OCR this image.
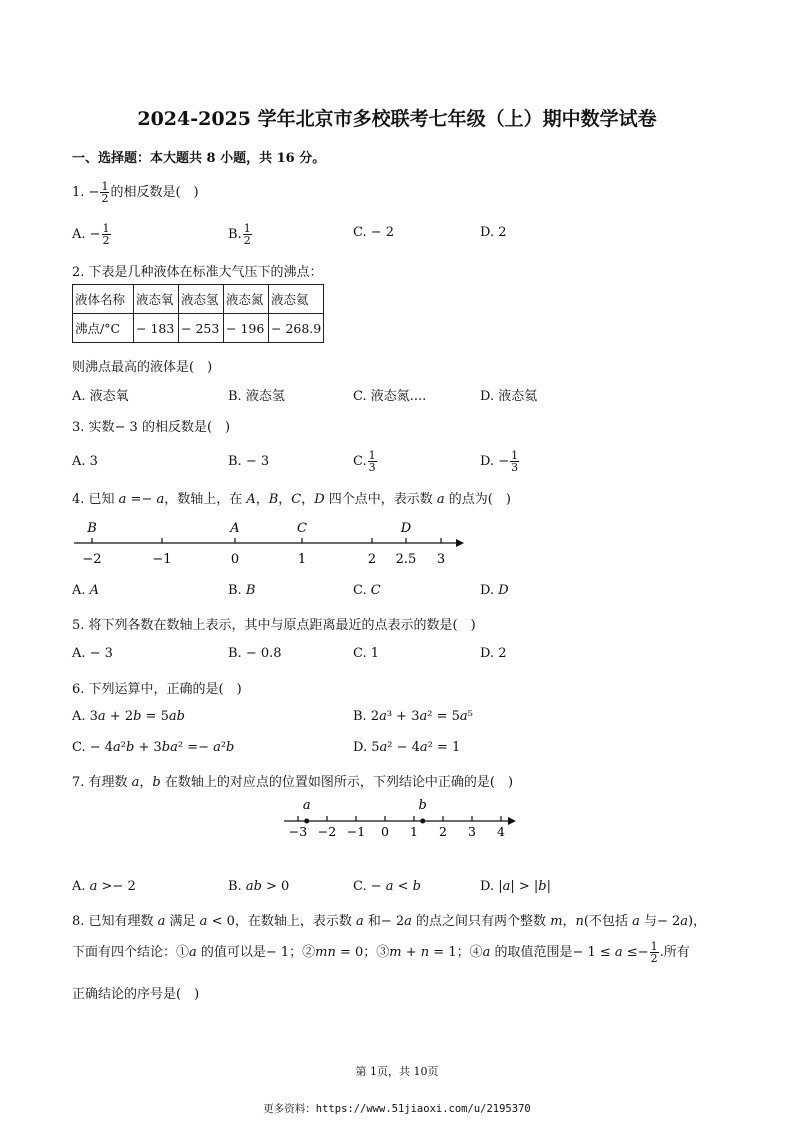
2024-2025 学年北京市多校联考七年级（上）期中数学试卷
一、选择题：本大题共 8 小题，共 16 分。
1. − $\frac{1}{2}$ 的相反数是(　)
A. − $\frac{1}{2}$	B. $\frac{1}{2}$	C. − 2	D. 2
2. 下表是几种液体在标准大气压下的沸点：
液体名称	液态氧	液态氢	液态氮	液态氦
沸点/°C	− 183	− 253	− 196	− 268.9
则沸点最高的液体是(　)
A. 液态氧	B. 液态氢	C. 液态氮....	D. 液态氦
3. 实数− 3 的相反数是(　)
A. 3	B. − 3	C. $\frac{1}{3}$	D. − $\frac{1}{3}$
4. 已知 𝑎 =− 𝑎，数轴上，在 𝐴，𝐵，𝐶，𝐷 四个点中，表示数 𝑎 的点为(　)
−2	−1	0	1	2 2.5 3
B	A	C	D
A. 𝐴	B. 𝐵	C. 𝐶	D. 𝐷
5. 将下列各数在数轴上表示，其中与原点距离最近的点表示的数是(　)
A. − 3	B. − 0.8	C. 1	D. 2
6. 下列运算中，正确的是(　)
A. 3𝑎 + 2𝑏 = 5𝑎𝑏	B. 2𝑎³ + 3𝑎² = 5𝑎⁵
C. − 4𝑎²𝑏 + 3𝑏𝑎² =− 𝑎²𝑏	D. 5𝑎² − 4𝑎² = 1
7. 有理数 𝑎，𝑏 在数轴上的对应点的位置如图所示，下列结论中正确的是(　)
−3 −2 −1 0 1 2 3 4
a	b
A. 𝑎 >− 2	B. 𝑎𝑏 > 0	C. − 𝑎 < 𝑏	D. |𝑎| > |𝑏|
8. 已知有理数 𝑎 满足 𝑎 < 0，在数轴上，表示数 𝑎 和− 2𝑎 的点之间只有两个整数 𝑚，𝑛(不包括 𝑎 与− 2𝑎)，
下面有四个结论：①𝑎 的值可以是− 1；②𝑚𝑛 = 0；③𝑚 + 𝑛 = 1；④𝑎 的取值范围是− 1 ≤ 𝑎 ≤− $\frac{1}{2}$ .所有
正确结论的序号是(　)
第 1页，共 10页
更多资料：https://www.51jiaoxi.com/u/2195370
